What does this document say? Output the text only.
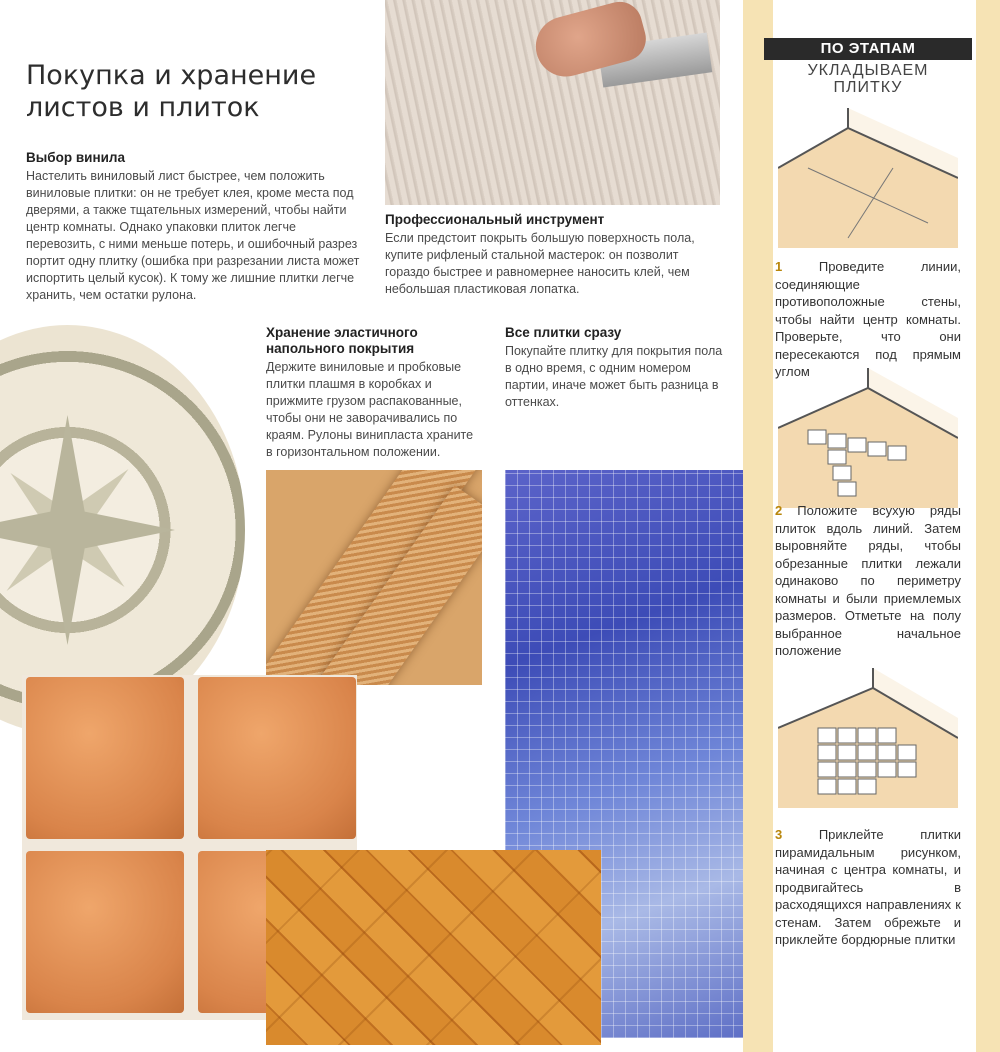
Покупка и хранение листов и плиток

Выбор винила

Настелить виниловый лист быстрее, чем положить виниловые плитки: он не требует клея, кроме места под дверями, а также тщательных измерений, чтобы найти центр комнаты. Однако упаковки плиток легче перевозить, с ними меньше потерь, и ошибочный разрез портит одну плитку (ошибка при разрезании листа может испортить целый кусок). К тому же лишние плитки легче хранить, чем остатки рулона.

Профессиональный инструмент

Если предстоит покрыть большую поверхность пола, купите рифленый стальной мастерок: он позволит гораздо быстрее и равномернее наносить клей, чем небольшая пластиковая лопатка.

Хранение эластичного напольного покрытия

Держите виниловые и пробковые плитки плашмя в коробках и прижмите грузом распакованные, чтобы они не заворачивались по краям. Рулоны винипласта храните в горизонтальном положении.

Все плитки сразу

Покупайте плитку для покрытия пола в одно время, с одним номером партии, иначе может быть разница в оттенках.

ПО ЭТАПАМ
УКЛАДЫВАЕМ
ПЛИТКУ
1	Проведите линии, соединяющие противоположные стены, чтобы найти центр комнаты. Проверьте, что они пересекаются под прямым углом
2 Положите всухую ряды плиток вдоль линий. Затем выровняйте ряды, чтобы обрезанные плитки лежали одинаково по периметру комнаты и были приемлемых размеров. Отметьте на полу выбранное начальное положение
3	Приклейте плитки пирамидальным рисунком, начиная с центра комнаты, и продвигайтесь в расходящихся направлениях к стенам. Затем обрежьте и приклейте бордюрные плитки
